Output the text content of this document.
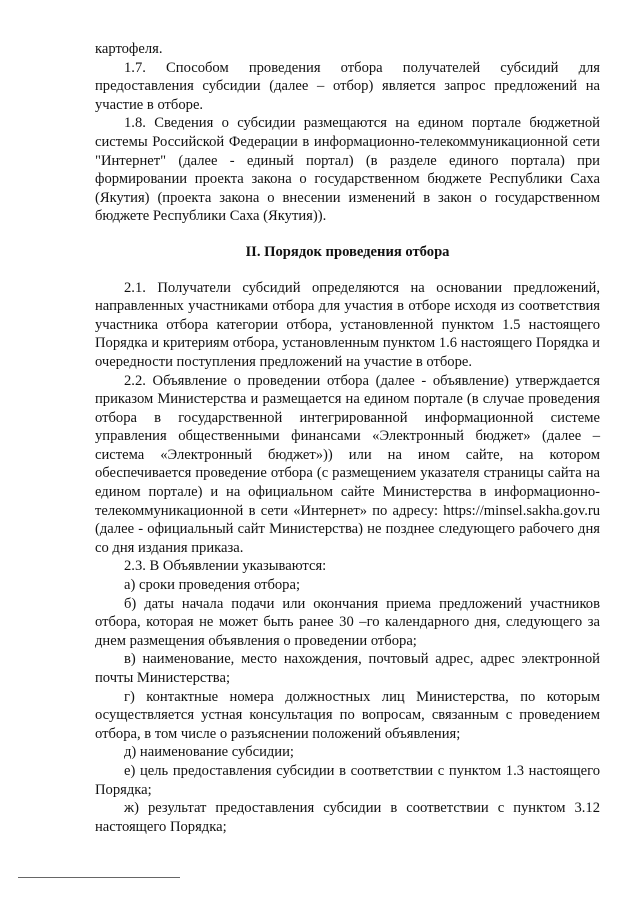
картофеля.

1.7. Способом проведения отбора получателей субсидий для предоставления субсидии (далее – отбор) является запрос предложений на участие в отборе.

1.8. Сведения о субсидии размещаются на едином портале бюджетной системы Российской Федерации в информационно-телекоммуникационной сети "Интернет" (далее - единый портал) (в разделе единого портала) при формировании проекта закона о государственном бюджете Республики Саха (Якутия) (проекта закона о внесении изменений в закон о государственном бюджете Республики Саха (Якутия)).

II. Порядок проведения отбора

2.1. Получатели субсидий определяются на основании предложений, направленных участниками отбора для участия в отборе исходя из соответствия участника отбора категории отбора, установленной пунктом 1.5 настоящего Порядка и критериям отбора, установленным пунктом 1.6 настоящего Порядка и очередности поступления предложений на участие в отборе.

2.2. Объявление о проведении отбора (далее - объявление) утверждается приказом Министерства и размещается на едином портале (в случае проведения отбора в государственной интегрированной информационной системе управления общественными финансами «Электронный бюджет» (далее – система «Электронный бюджет»)) или на ином сайте, на котором обеспечивается проведение отбора (с размещением указателя страницы сайта на едином портале) и на официальном сайте Министерства в информационно-телекоммуникационной в сети «Интернет» по адресу: https://minsel.sakha.gov.ru (далее - официальный сайт Министерства) не позднее следующего рабочего дня со дня издания приказа.

2.3. В Объявлении указываются:

а) сроки проведения отбора;

б) даты начала подачи или окончания приема предложений участников отбора, которая не может быть ранее 30 –го календарного дня, следующего за днем размещения объявления о проведении отбора;

в) наименование, место нахождения, почтовый адрес, адрес электронной почты Министерства;

г) контактные номера должностных лиц Министерства, по которым осуществляется устная консультация по вопросам, связанным с проведением отбора, в том числе о разъяснении положений объявления;

д) наименование субсидии;

е) цель предоставления субсидии в соответствии с пунктом 1.3 настоящего Порядка;

ж) результат предоставления субсидии в соответствии с пунктом 3.12 настоящего Порядка;
